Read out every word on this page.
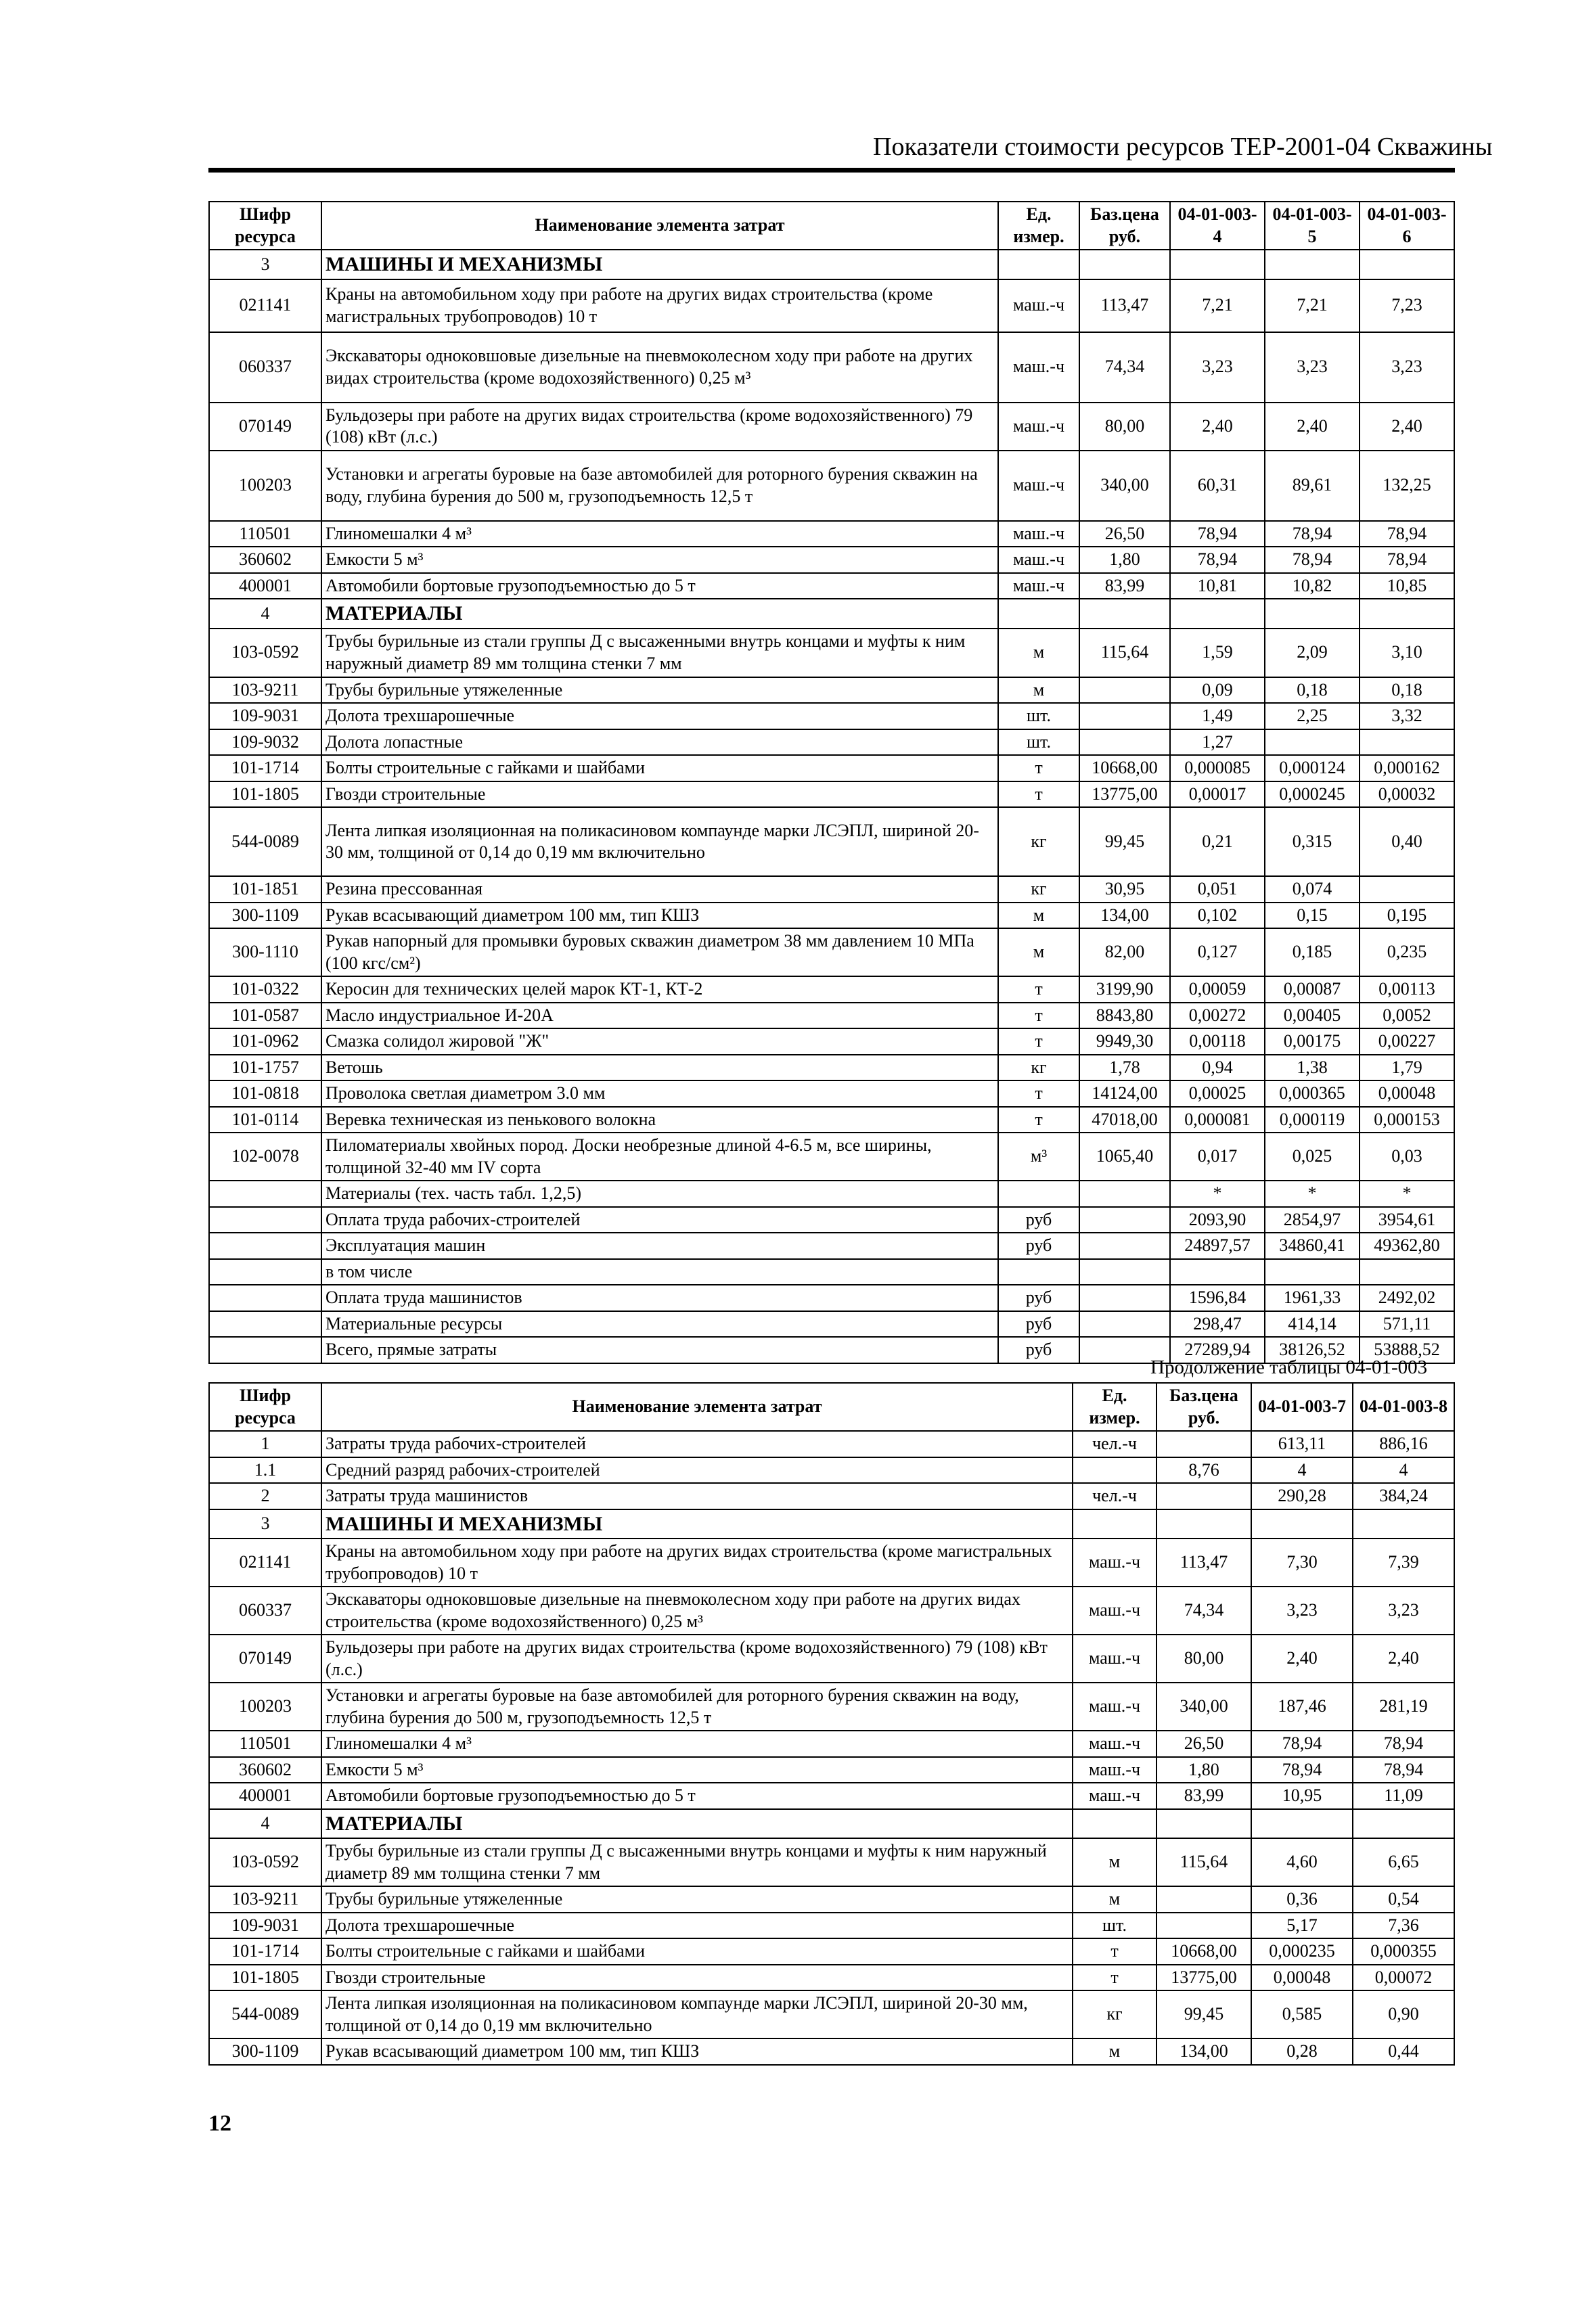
Показатели стоимости ресурсов ТЕР-2001-04 Скважины
Шифр ресурса	Наименование элемента затрат	Ед. измер.	Баз.цена руб.	04-01-003-4	04-01-003-5	04-01-003-6
3	МАШИНЫ И МЕХАНИЗМЫ					
021141	Краны на автомобильном ходу при работе на других видах строительства (кроме магистральных трубопроводов) 10 т	маш.-ч	113,47	7,21	7,21	7,23
060337	Экскаваторы одноковшовые дизельные на пневмоколесном ходу при работе на других видах строительства (кроме водохозяйственного) 0,25 м³	маш.-ч	74,34	3,23	3,23	3,23
070149	Бульдозеры при работе на других видах строительства (кроме водохозяйственного) 79 (108) кВт (л.с.)	маш.-ч	80,00	2,40	2,40	2,40
100203	Установки и агрегаты буровые на базе автомобилей для роторного бурения скважин на воду, глубина бурения до 500 м, грузоподъемность 12,5 т	маш.-ч	340,00	60,31	89,61	132,25
110501	Глиномешалки 4 м³	маш.-ч	26,50	78,94	78,94	78,94
360602	Емкости 5 м³	маш.-ч	1,80	78,94	78,94	78,94
400001	Автомобили бортовые грузоподъемностью до 5 т	маш.-ч	83,99	10,81	10,82	10,85
4	МАТЕРИАЛЫ					
103-0592	Трубы бурильные из стали группы Д с высаженными внутрь концами и муфты к ним наружный диаметр 89 мм толщина стенки 7 мм	м	115,64	1,59	2,09	3,10
103-9211	Трубы бурильные утяжеленные	м		0,09	0,18	0,18
109-9031	Долота трехшарошечные	шт.		1,49	2,25	3,32
109-9032	Долота лопастные	шт.		1,27		
101-1714	Болты строительные с гайками и шайбами	т	10668,00	0,000085	0,000124	0,000162
101-1805	Гвозди строительные	т	13775,00	0,00017	0,000245	0,00032
544-0089	Лента липкая изоляционная на поликасиновом компаунде марки ЛСЭПЛ, шириной 20-30 мм, толщиной от 0,14 до 0,19 мм включительно	кг	99,45	0,21	0,315	0,40
101-1851	Резина прессованная	кг	30,95	0,051	0,074	
300-1109	Рукав всасывающий диаметром 100 мм, тип КШЗ	м	134,00	0,102	0,15	0,195
300-1110	Рукав напорный для промывки буровых скважин диаметром 38 мм давлением 10 МПа (100 кгс/см²)	м	82,00	0,127	0,185	0,235
101-0322	Керосин для технических целей марок КТ-1, КТ-2	т	3199,90	0,00059	0,00087	0,00113
101-0587	Масло индустриальное И-20А	т	8843,80	0,00272	0,00405	0,0052
101-0962	Смазка солидол жировой "Ж"	т	9949,30	0,00118	0,00175	0,00227
101-1757	Ветошь	кг	1,78	0,94	1,38	1,79
101-0818	Проволока светлая диаметром 3.0 мм	т	14124,00	0,00025	0,000365	0,00048
101-0114	Веревка техническая из пенькового волокна	т	47018,00	0,000081	0,000119	0,000153
102-0078	Пиломатериалы хвойных пород. Доски необрезные длиной 4-6.5 м, все ширины, толщиной 32-40 мм IV сорта	м³	1065,40	0,017	0,025	0,03
	Материалы (тех. часть табл. 1,2,5)			*	*	*
	Оплата труда рабочих-строителей	руб		2093,90	2854,97	3954,61
	Эксплуатация машин	руб		24897,57	34860,41	49362,80
	в том числе					
	Оплата труда машинистов	руб		1596,84	1961,33	2492,02
	Материальные ресурсы	руб		298,47	414,14	571,11
	Всего, прямые затраты	руб		27289,94	38126,52	53888,52
Продолжение таблицы 04-01-003
Шифр ресурса	Наименование элемента затрат	Ед. измер.	Баз.цена руб.	04-01-003-7	04-01-003-8
1	Затраты труда рабочих-строителей	чел.-ч		613,11	886,16
1.1	Средний разряд рабочих-строителей		8,76	4	4
2	Затраты труда машинистов	чел.-ч		290,28	384,24
3	МАШИНЫ И МЕХАНИЗМЫ				
021141	Краны на автомобильном ходу при работе на других видах строительства (кроме магистральных трубопроводов) 10 т	маш.-ч	113,47	7,30	7,39
060337	Экскаваторы одноковшовые дизельные на пневмоколесном ходу при работе на других видах строительства (кроме водохозяйственного) 0,25 м³	маш.-ч	74,34	3,23	3,23
070149	Бульдозеры при работе на других видах строительства (кроме водохозяйственного) 79 (108) кВт (л.с.)	маш.-ч	80,00	2,40	2,40
100203	Установки и агрегаты буровые на базе автомобилей для роторного бурения скважин на воду, глубина бурения до 500 м, грузоподъемность 12,5 т	маш.-ч	340,00	187,46	281,19
110501	Глиномешалки 4 м³	маш.-ч	26,50	78,94	78,94
360602	Емкости 5 м³	маш.-ч	1,80	78,94	78,94
400001	Автомобили бортовые грузоподъемностью до 5 т	маш.-ч	83,99	10,95	11,09
4	МАТЕРИАЛЫ				
103-0592	Трубы бурильные из стали группы Д с высаженными внутрь концами и муфты к ним наружный диаметр 89 мм толщина стенки 7 мм	м	115,64	4,60	6,65
103-9211	Трубы бурильные утяжеленные	м		0,36	0,54
109-9031	Долота трехшарошечные	шт.		5,17	7,36
101-1714	Болты строительные с гайками и шайбами	т	10668,00	0,000235	0,000355
101-1805	Гвозди строительные	т	13775,00	0,00048	0,00072
544-0089	Лента липкая изоляционная на поликасиновом компаунде марки ЛСЭПЛ, шириной 20-30 мм, толщиной от 0,14 до 0,19 мм включительно	кг	99,45	0,585	0,90
300-1109	Рукав всасывающий диаметром 100 мм, тип КШЗ	м	134,00	0,28	0,44
12
